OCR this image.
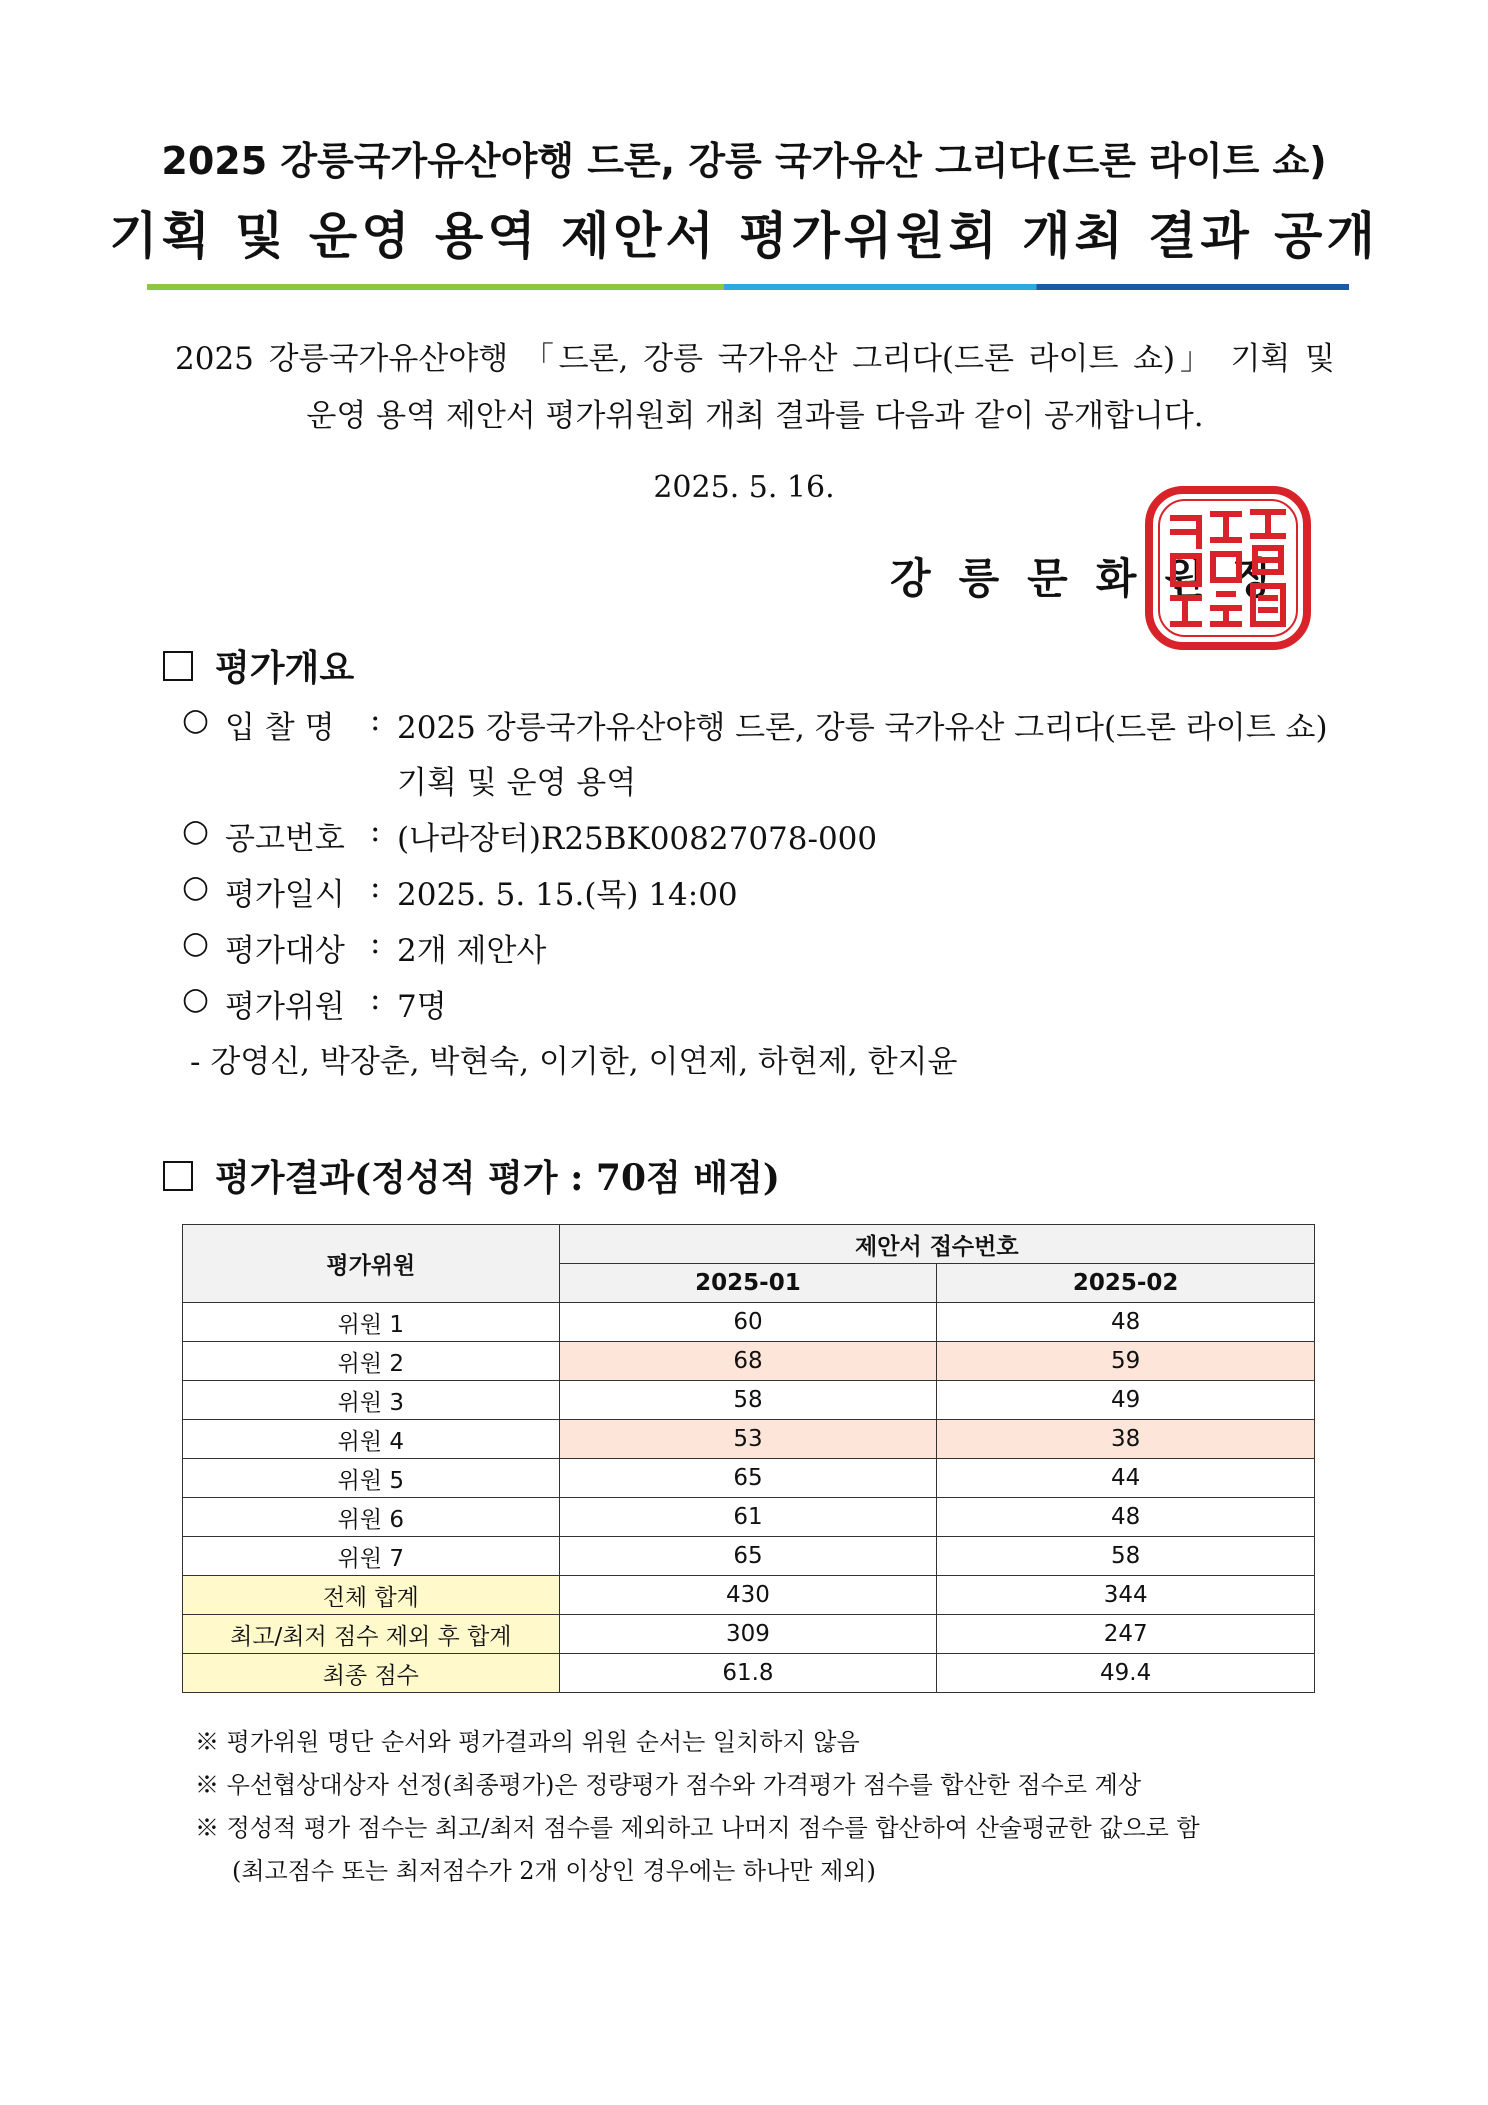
2025 강릉국가유산야행 드론, 강릉 국가유산 그리다(드론 라이트 쇼)
기획 및 운영 용역 제안서 평가위원회 개최 결과 공개
2025 강릉국가유산야행 「드론, 강릉 국가유산 그리다(드론 라이트 쇼)」 기획 및
운영 용역 제안서 평가위원회 개최 결과를 다음과 같이 공개합니다.
2025. 5. 16.
강릉문화원장
평가개요
○ 입 찰 명 : 2025 강릉국가유산야행 드론, 강릉 국가유산 그리다(드론 라이트 쇼)
기획 및 운영 용역
○ 공고번호 : (나라장터)R25BK00827078-000
○ 평가일시 : 2025. 5. 15.(목) 14:00
○ 평가대상 : 2개 제안사
○ 평가위원 : 7명
- 강영신, 박장춘, 박현숙, 이기한, 이연제, 하현제, 한지윤
평가결과(정성적 평가 : 70점 배점)
평가위원	제안서 접수번호	
	2025-01	2025-02
위원 1	60	48
위원 2	68	59
위원 3	58	49
위원 4	53	38
위원 5	65	44
위원 6	61	48
위원 7	65	58
전체 합계	430	344
최고/최저 점수 제외 후 합계	309	247
최종 점수	61.8	49.4
※ 평가위원 명단 순서와 평가결과의 위원 순서는 일치하지 않음
※ 우선협상대상자 선정(최종평가)은 정량평가 점수와 가격평가 점수를 합산한 점수로 계상
※ 정성적 평가 점수는 최고/최저 점수를 제외하고 나머지 점수를 합산하여 산술평균한 값으로 함
(최고점수 또는 최저점수가 2개 이상인 경우에는 하나만 제외)
